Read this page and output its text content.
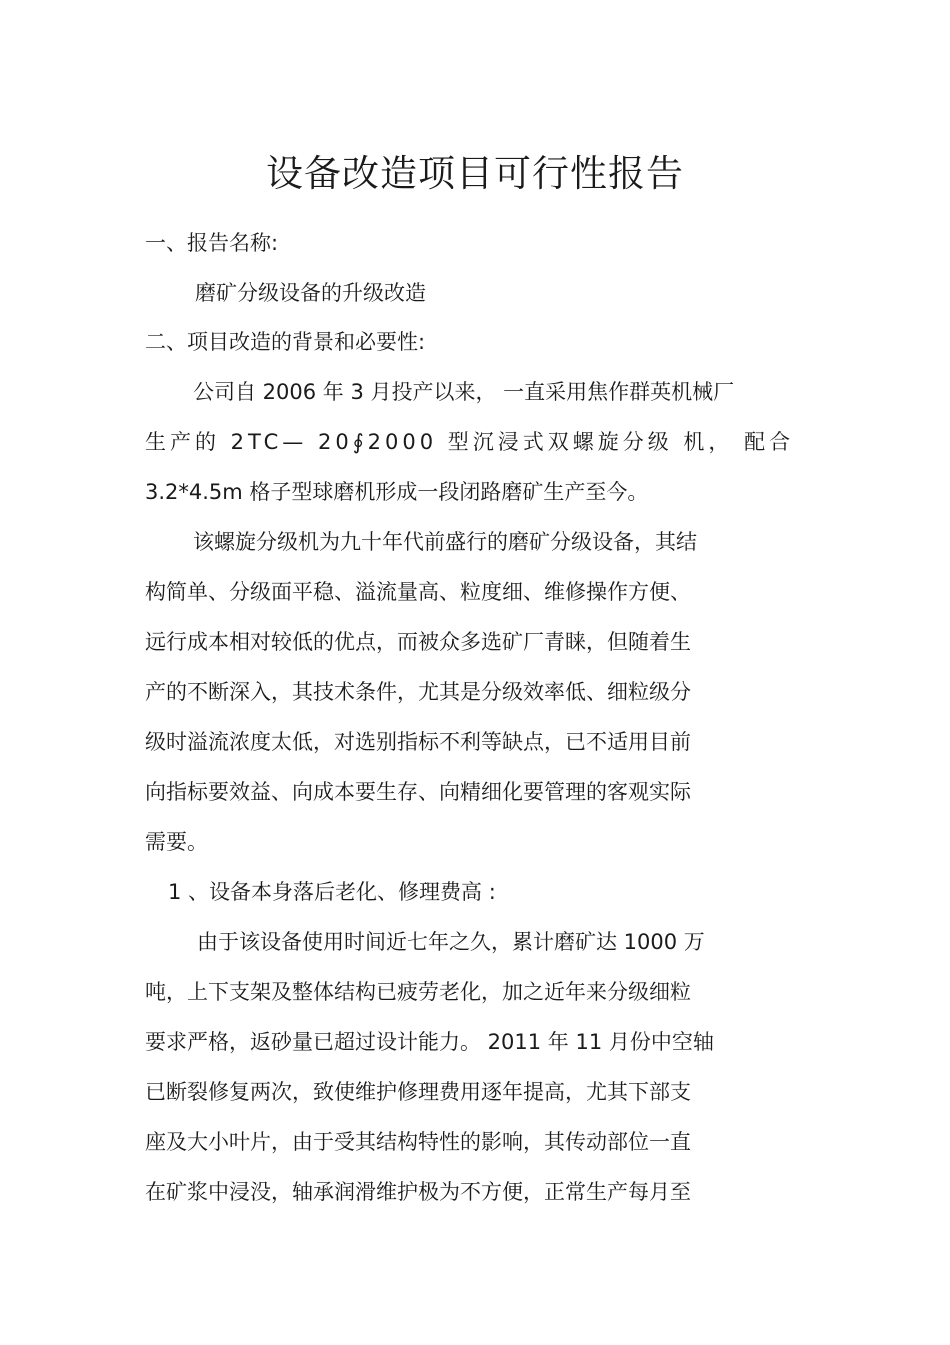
设备改造项目可行性报告
一、报告名称:
磨矿分级设备的升级改造
二、项目改造的背景和必要性:
公司自 2006 年 3 月投产以来， 一直采用焦作群英机械厂
生产的 2TC— 20∮2000 型沉浸式双螺旋分级 机， 配合
3.2*4.5m 格子型球磨机形成一段闭路磨矿生产至今。
该螺旋分级机为九十年代前盛行的磨矿分级设备，其结
构简单、分级面平稳、溢流量高、粒度细、维修操作方便、
远行成本相对较低的优点，而被众多选矿厂青睐，但随着生
产的不断深入，其技术条件，尤其是分级效率低、细粒级分
级时溢流浓度太低，对选别指标不利等缺点，已不适用目前
向指标要效益、向成本要生存、向精细化要管理的客观实际
需要。
1 、设备本身落后老化、修理费高 :
由于该设备使用时间近七年之久，累计磨矿达 1000 万
吨，上下支架及整体结构已疲劳老化，加之近年来分级细粒
要求严格，返砂量已超过设计能力。 2011 年 11 月份中空轴
已断裂修复两次，致使维护修理费用逐年提高，尤其下部支
座及大小叶片，由于受其结构特性的影响，其传动部位一直
在矿浆中浸没，轴承润滑维护极为不方便，正常生产每月至
